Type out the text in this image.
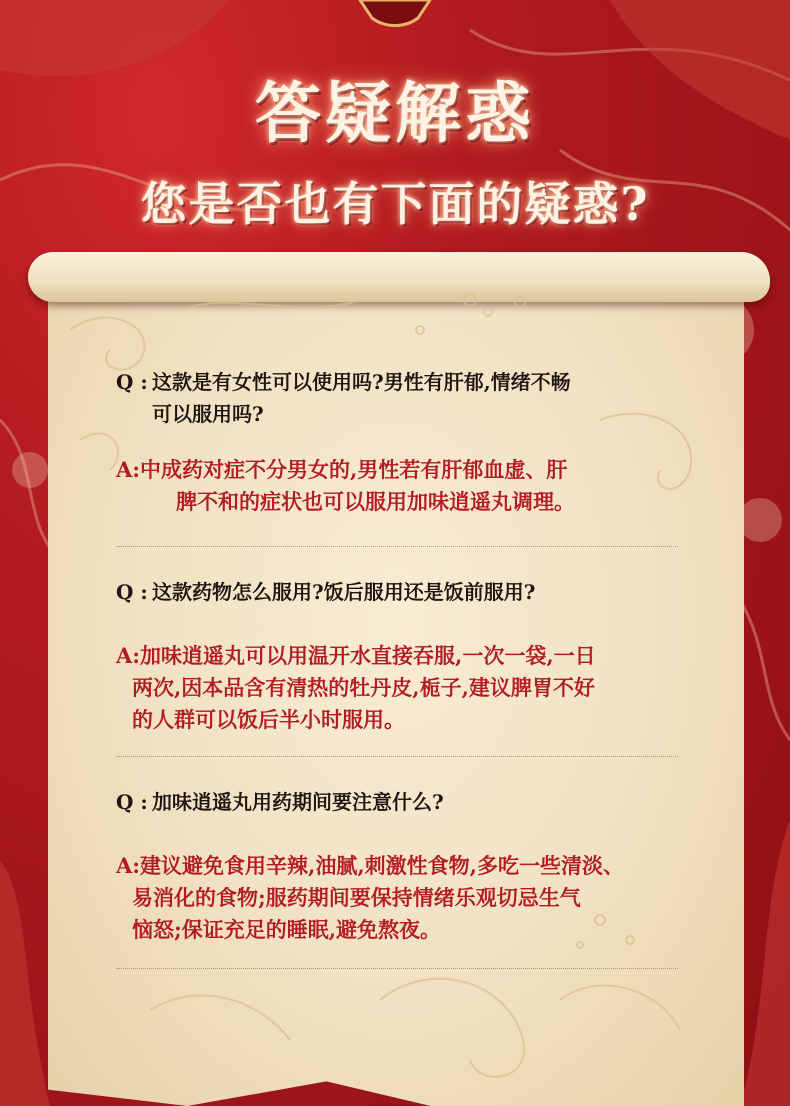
答疑解惑
您是否也有下面的疑惑?
Q : 这款是有女性可以使用吗?男性有肝郁,情绪不畅
可以服用吗?
A:中成药对症不分男女的,男性若有肝郁血虚、肝
脾不和的症状也可以服用加味逍遥丸调理。
Q : 这款药物怎么服用?饭后服用还是饭前服用?
A:加味逍遥丸可以用温开水直接吞服,一次一袋,一日
两次,因本品含有清热的牡丹皮,栀子,建议脾胃不好
的人群可以饭后半小时服用。
Q : 加味逍遥丸用药期间要注意什么?
A:建议避免食用辛辣,油腻,刺激性食物,多吃一些清淡、
易消化的食物;服药期间要保持情绪乐观切忌生气
恼怒;保证充足的睡眠,避免熬夜。
